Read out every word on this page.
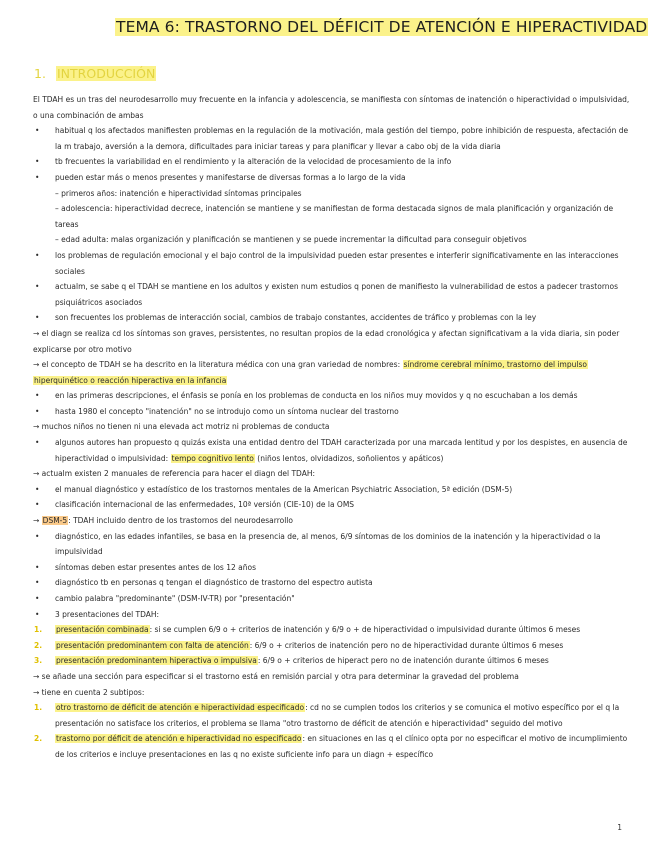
TEMA 6: TRASTORNO DEL DÉFICIT DE ATENCIÓN E HIPERACTIVIDAD
1. INTRODUCCIÓN
El TDAH es un tras del neurodesarrollo muy frecuente en la infancia y adolescencia, se manifiesta con síntomas de inatención o hiperactividad o impulsividad, o una combinación de ambas
•	habitual q los afectados manifiesten problemas en la regulación de la motivación, mala gestión del tiempo, pobre inhibición de respuesta, afectación de la m trabajo, aversión a la demora, dificultades para iniciar tareas y para planificar y llevar a cabo obj de la vida diaria
•	tb frecuentes la variabilidad en el rendimiento y la alteración de la velocidad de procesamiento de la info
•	pueden estar más o menos presentes y manifestarse de diversas formas a lo largo de la vida
– primeros años: inatención e hiperactividad síntomas principales
– adolescencia: hiperactividad decrece, inatención se mantiene y se manifiestan de forma destacada signos de mala planificación y organización de tareas
– edad adulta: malas organización y planificación se mantienen y se puede incrementar la dificultad para conseguir objetivos
•	los problemas de regulación emocional y el bajo control de la impulsividad pueden estar presentes e interferir significativamente en las interacciones sociales
•	actualm, se sabe q el TDAH se mantiene en los adultos y existen num estudios q ponen de manifiesto la vulnerabilidad de estos a padecer trastornos psiquiátricos asociados
•	son frecuentes los problemas de interacción social, cambios de trabajo constantes, accidentes de tráfico y problemas con la ley
→ el diagn se realiza cd los síntomas son graves, persistentes, no resultan propios de la edad cronológica y afectan significativam a la vida diaria, sin poder explicarse por otro motivo
→ el concepto de TDAH se ha descrito en la literatura médica con una gran variedad de nombres: síndrome cerebral mínimo, trastorno del impulso hiperquinético o reacción hiperactiva en la infancia
•	en las primeras descripciones, el énfasis se ponía en los problemas de conducta en los niños muy movidos y q no escuchaban a los demás
•	hasta 1980 el concepto "inatención" no se introdujo como un síntoma nuclear del trastorno
→ muchos niños no tienen ni una elevada act motriz ni problemas de conducta
•	algunos autores han propuesto q quizás exista una entidad dentro del TDAH caracterizada por una marcada lentitud y por los despistes, en ausencia de hiperactividad o impulsividad: tempo cognitivo lento (niños lentos, olvidadizos, soñolientos y apáticos)
→ actualm existen 2 manuales de referencia para hacer el diagn del TDAH:
•	el manual diagnóstico y estadístico de los trastornos mentales de la American Psychiatric Association, 5ª edición (DSM-5)
•	clasificación internacional de las enfermedades, 10ª versión (CIE-10) de la OMS
→ DSM-5: TDAH incluido dentro de los trastornos del neurodesarrollo
•	diagnóstico, en las edades infantiles, se basa en la presencia de, al menos, 6/9 síntomas de los dominios de la inatención y la hiperactividad o la impulsividad
•	síntomas deben estar presentes antes de los 12 años
•	diagnóstico tb en personas q tengan el diagnóstico de trastorno del espectro autista
•	cambio palabra "predominante" (DSM-IV-TR) por "presentación"
•	3 presentaciones del TDAH:
1.	presentación combinada: si se cumplen 6/9 o + criterios de inatención y 6/9 o + de hiperactividad o impulsividad durante últimos 6 meses
2.	presentación predominantem con falta de atención: 6/9 o + criterios de inatención pero no de hiperactividad durante últimos 6 meses
3.	presentación predominantem hiperactiva o impulsiva: 6/9 o + criterios de hiperact pero no de inatención durante últimos 6 meses
→ se añade una sección para especificar si el trastorno está en remisión parcial y otra para determinar la gravedad del problema
→ tiene en cuenta 2 subtipos:
1.	otro trastorno de déficit de atención e hiperactividad especificado: cd no se cumplen todos los criterios y se comunica el motivo específico por el q la presentación no satisface los criterios, el problema se llama "otro trastorno de déficit de atención e hiperactividad" seguido del motivo
2.	trastorno por déficit de atención e hiperactividad no especificado: en situaciones en las q el clínico opta por no especificar el motivo de incumplimiento de los criterios e incluye presentaciones en las q no existe suficiente info para un diagn + específico
1
